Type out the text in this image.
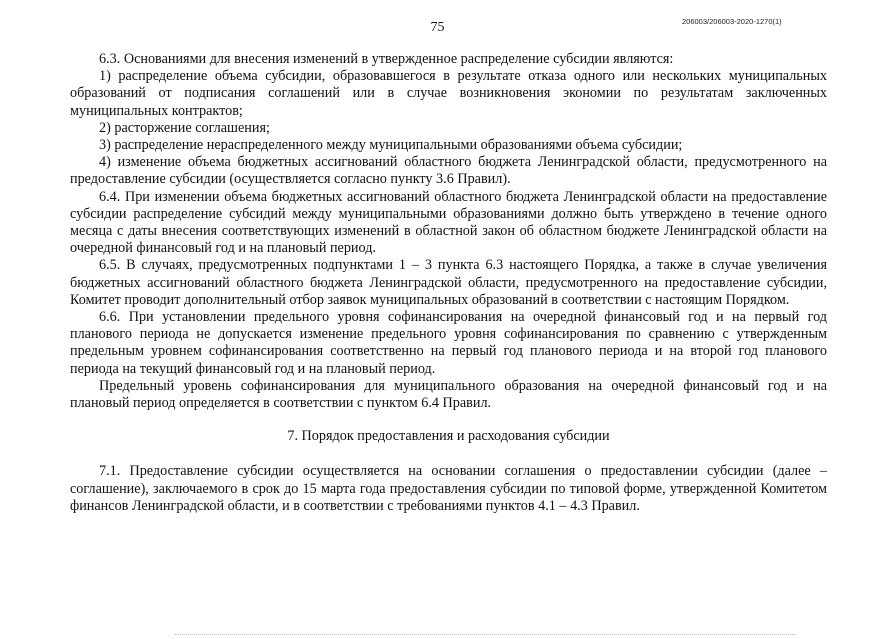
75	206003/206003-2020-1270(1)

6.3. Основаниями для внесения изменений в утвержденное распределение субсидии являются:

1) распределение объема субсидии, образовавшегося в результате отказа одного или нескольких муниципальных образований от подписания соглашений или в случае возникновения экономии по результатам заключенных муниципальных контрактов;

2) расторжение соглашения;

3) распределение нераспределенного между муниципальными образованиями объема субсидии;

4) изменение объема бюджетных ассигнований областного бюджета Ленинградской области, предусмотренного на предоставление субсидии (осуществляется согласно пункту 3.6 Правил).

6.4. При изменении объема бюджетных ассигнований областного бюджета Ленинградской области на предоставление субсидии распределение субсидий между муниципальными образованиями должно быть утверждено в течение одного месяца с даты внесения соответствующих изменений в областной закон об областном бюджете Ленинградской области на очередной финансовый год и на плановый период.

6.5. В случаях, предусмотренных подпунктами 1 – 3 пункта 6.3 настоящего Порядка, а также в случае увеличения бюджетных ассигнований областного бюджета Ленинградской области, предусмотренного на предоставление субсидии, Комитет проводит дополнительный отбор заявок муниципальных образований в соответствии с настоящим Порядком.

6.6. При установлении предельного уровня софинансирования на очередной финансовый год и на первый год планового периода не допускается изменение предельного уровня софинансирования по сравнению с утвержденным предельным уровнем софинансирования соответственно на первый год планового периода и на второй год планового периода на текущий финансовый год и на плановый период.

Предельный уровень софинансирования для муниципального образования на очередной финансовый год и на плановый период определяется в соответствии с пунктом 6.4 Правил.

7. Порядок предоставления и расходования субсидии

7.1. Предоставление субсидии осуществляется на основании соглашения о предоставлении субсидии (далее – соглашение), заключаемого в срок до 15 марта года предоставления субсидии по типовой форме, утвержденной Комитетом финансов Ленинградской области, и в соответствии с требованиями пунктов 4.1 – 4.3 Правил.
